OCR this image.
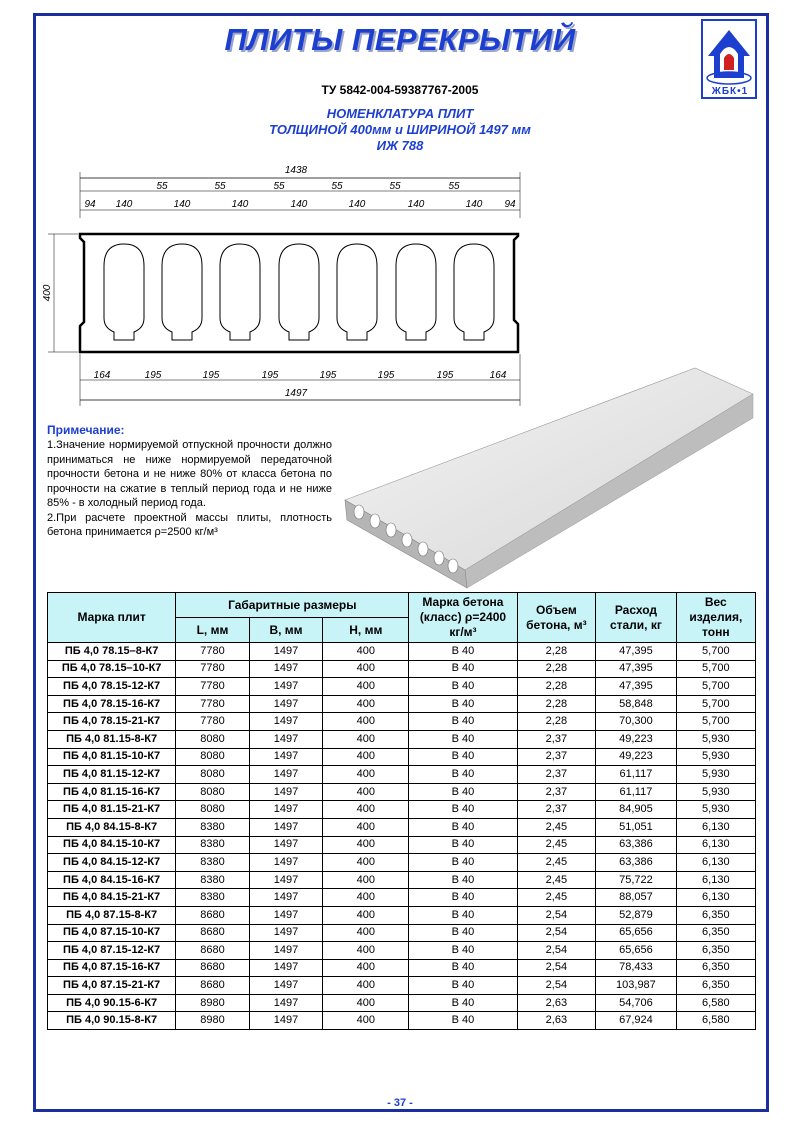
ПЛИТЫ ПЕРЕКРЫТИЙ
ЖБК•1
ТУ 5842-004-59387767-2005
НОМЕНКЛАТУРА ПЛИТ
ТОЛЩИНОЙ 400мм и ШИРИНОЙ 1497 мм
ИЖ 788
1438
55	55	55	55	55	55
94 140	140	140	140	140	140	140 94
400
164	195	195	195	195	195	195	164
1497
Примечание:
1.Значение нормируемой отпускной прочности должно приниматься не ниже нормируемой передаточной прочности бетона и не ниже 80% от класса бетона по прочности на сжатие в теплый период года и не ниже 85% - в холодный период года.
2.При расчете проектной массы плиты, плотность бетона принимается ρ=2500 кг/м³
Марка плит	Габаритные размеры			Марка бетона (класс) ρ=2400 кг/м³	Объем бетона, м³	Расход стали, кг	Вес изделия, тонн
	L, мм	B, мм	H, мм				
ПБ 4,0 78.15–8-К7	7780	1497	400	В 40	2,28	47,395	5,700
ПБ 4,0 78.15–10-К7	7780	1497	400	В 40	2,28	47,395	5,700
ПБ 4,0 78.15-12-К7	7780	1497	400	В 40	2,28	47,395	5,700
ПБ 4,0 78.15-16-К7	7780	1497	400	В 40	2,28	58,848	5,700
ПБ 4,0 78.15-21-К7	7780	1497	400	В 40	2,28	70,300	5,700
ПБ 4,0 81.15-8-К7	8080	1497	400	В 40	2,37	49,223	5,930
ПБ 4,0 81.15-10-К7	8080	1497	400	В 40	2,37	49,223	5,930
ПБ 4,0 81.15-12-К7	8080	1497	400	В 40	2,37	61,117	5,930
ПБ 4,0 81.15-16-К7	8080	1497	400	В 40	2,37	61,117	5,930
ПБ 4,0 81.15-21-К7	8080	1497	400	В 40	2,37	84,905	5,930
ПБ 4,0 84.15-8-К7	8380	1497	400	В 40	2,45	51,051	6,130
ПБ 4,0 84.15-10-К7	8380	1497	400	В 40	2,45	63,386	6,130
ПБ 4,0 84.15-12-К7	8380	1497	400	В 40	2,45	63,386	6,130
ПБ 4,0 84.15-16-К7	8380	1497	400	В 40	2,45	75,722	6,130
ПБ 4,0 84.15-21-К7	8380	1497	400	В 40	2,45	88,057	6,130
ПБ 4,0 87.15-8-К7	8680	1497	400	В 40	2,54	52,879	6,350
ПБ 4,0 87.15-10-К7	8680	1497	400	В 40	2,54	65,656	6,350
ПБ 4,0 87.15-12-К7	8680	1497	400	В 40	2,54	65,656	6,350
ПБ 4,0 87.15-16-К7	8680	1497	400	В 40	2,54	78,433	6,350
ПБ 4,0 87.15-21-К7	8680	1497	400	В 40	2,54	103,987	6,350
ПБ 4,0 90.15-6-К7	8980	1497	400	В 40	2,63	54,706	6,580
ПБ 4,0 90.15-8-К7	8980	1497	400	В 40	2,63	67,924	6,580
- 37 -
